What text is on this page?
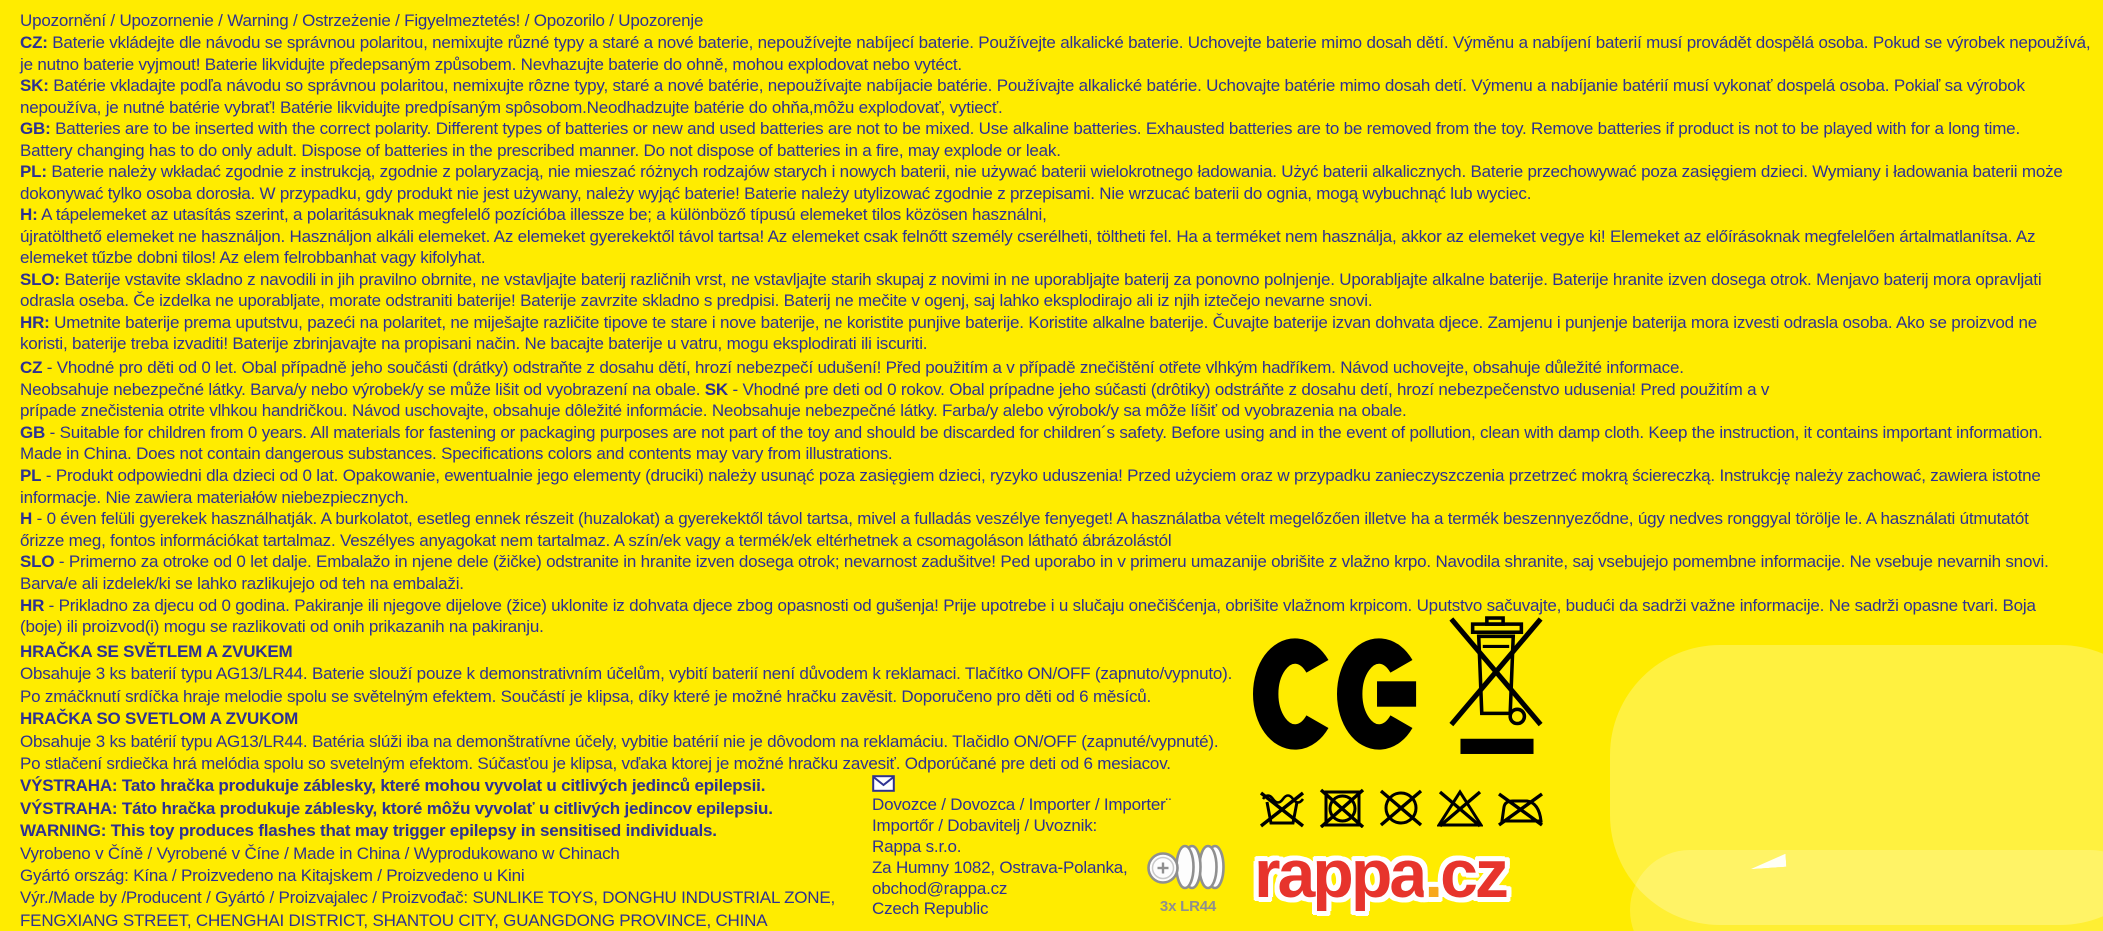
Upozornění / Upozornenie / Warning / Ostrzeżenie / Figyelmeztetés! / Opozorilo / Upozorenje
CZ: Baterie vkládejte dle návodu se správnou polaritou, nemixujte různé typy a staré a nové baterie, nepoužívejte nabíjecí baterie. Používejte alkalické baterie. Uchovejte baterie mimo dosah dětí. Výměnu a nabíjení baterií musí provádět dospělá osoba. Pokud se výrobek nepoužívá,
je nutno baterie vyjmout! Baterie likvidujte předepsaným způsobem. Nevhazujte baterie do ohně, mohou explodovat nebo vytéct.
SK: Batérie vkladajte podľa návodu so správnou polaritou, nemixujte rôzne typy, staré a nové batérie, nepoužívajte nabíjacie batérie. Používajte alkalické batérie. Uchovajte batérie mimo dosah detí. Výmenu a nabíjanie batérií musí vykonať dospelá osoba. Pokiaľ sa výrobok
nepoužíva, je nutné batérie vybrať! Batérie likvidujte predpísaným spôsobom.Neodhadzujte batérie do ohňa,môžu explodovať, vytiecť.
GB: Batteries are to be inserted with the correct polarity. Different types of batteries or new and used batteries are not to be mixed. Use alkaline batteries. Exhausted batteries are to be removed from the toy. Remove batteries if product is not to be played with for a long time.
Battery changing has to do only adult. Dispose of batteries in the prescribed manner. Do not dispose of batteries in a fire, may explode or leak.
PL: Baterie należy wkładać zgodnie z instrukcją, zgodnie z polaryzacją, nie mieszać różnych rodzajów starych i nowych baterii, nie używać baterii wielokrotnego ładowania. Użyć baterii alkalicznych. Baterie przechowywać poza zasięgiem dzieci. Wymiany i ładowania baterii może
dokonywać tylko osoba dorosła. W przypadku, gdy produkt nie jest używany, należy wyjąć baterie! Baterie należy utylizować zgodnie z przepisami. Nie wrzucać baterii do ognia, mogą wybuchnąć lub wyciec.
H: A tápelemeket az utasítás szerint, a polaritásuknak megfelelő pozícióba illessze be; a különböző típusú elemeket tilos közösen használni,
újratölthető elemeket ne használjon. Használjon alkáli elemeket. Az elemeket gyerekektől távol tartsa! Az elemeket csak felnőtt személy cserélheti, töltheti fel. Ha a terméket nem használja, akkor az elemeket vegye ki! Elemeket az előírásoknak megfelelően ártalmatlanítsa. Az
elemeket tűzbe dobni tilos! Az elem felrobbanhat vagy kifolyhat.
SLO: Baterije vstavite skladno z navodili in jih pravilno obrnite, ne vstavljajte baterij različnih vrst, ne vstavljajte starih skupaj z novimi in ne uporabljajte baterij za ponovno polnjenje. Uporabljajte alkalne baterije. Baterije hranite izven dosega otrok. Menjavo baterij mora opravljati
odrasla oseba. Če izdelka ne uporabljate, morate odstraniti baterije! Baterije zavrzite skladno s predpisi. Baterij ne mečite v ogenj, saj lahko eksplodirajo ali iz njih iztečejo nevarne snovi.
HR: Umetnite baterije prema uputstvu, pazeći na polaritet, ne miješajte različite tipove te stare i nove baterije, ne koristite punjive baterije. Koristite alkalne baterije. Čuvajte baterije izvan dohvata djece. Zamjenu i punjenje baterija mora izvesti odrasla osoba. Ako se proizvod ne
koristi, baterije treba izvaditi! Baterije zbrinjavajte na propisani način. Ne bacajte baterije u vatru, mogu eksplodirati ili iscuriti.
CZ - Vhodné pro děti od 0 let. Obal případně jeho součásti (drátky) odstraňte z dosahu dětí, hrozí nebezpečí udušení! Před použitím a v případě znečištění otřete vlhkým hadříkem. Návod uchovejte, obsahuje důležité informace.
Neobsahuje nebezpečné látky. Barva/y nebo výrobek/y se může lišit od vyobrazení na obale. SK - Vhodné pre deti od 0 rokov. Obal prípadne jeho súčasti (drôtiky) odstráňte z dosahu detí, hrozí nebezpečenstvo udusenia! Pred použitím a v
prípade znečistenia otrite vlhkou handričkou. Návod uschovajte, obsahuje dôležité informácie. Neobsahuje nebezpečné látky. Farba/y alebo výrobok/y sa môže líšiť od vyobrazenia na obale.
GB - Suitable for children from 0 years. All materials for fastening or packaging purposes are not part of the toy and should be discarded for children´s safety. Before using and in the event of pollution, clean with damp cloth. Keep the instruction, it contains important information.
Made in China. Does not contain dangerous substances. Specifications colors and contents may vary from illustrations.
PL - Produkt odpowiedni dla dzieci od 0 lat. Opakowanie, ewentualnie jego elementy (druciki) należy usunąć poza zasięgiem dzieci, ryzyko uduszenia! Przed użyciem oraz w przypadku zanieczyszczenia przetrzeć mokrą ściereczką. Instrukcję należy zachować, zawiera istotne
informacje. Nie zawiera materiałów niebezpiecznych.
H - 0 éven felüli gyerekek használhatják. A burkolatot, esetleg ennek részeit (huzalokat) a gyerekektől távol tartsa, mivel a fulladás veszélye fenyeget! A használatba vételt megelőzően illetve ha a termék beszennyeződne, úgy nedves ronggyal törölje le. A használati útmutatót
őrizze meg, fontos információkat tartalmaz. Veszélyes anyagokat nem tartalmaz. A szín/ek vagy a termék/ek eltérhetnek a csomagoláson látható ábrázolástól
SLO - Primerno za otroke od 0 let dalje. Embalažo in njene dele (žičke) odstranite in hranite izven dosega otrok; nevarnost zadušitve! Ped uporabo in v primeru umazanije obrišite z vlažno krpo. Navodila shranite, saj vsebujejo pomembne informacije. Ne vsebuje nevarnih snovi.
Barva/e ali izdelek/ki se lahko razlikujejo od teh na embalaži.
HR - Prikladno za djecu od 0 godina. Pakiranje ili njegove dijelove (žice) uklonite iz dohvata djece zbog opasnosti od gušenja! Prije upotrebe i u slučaju onečišćenja, obrišite vlažnom krpicom. Uputstvo sačuvajte, budući da sadrži važne informacije. Ne sadrži opasne tvari. Boja
(boje) ili proizvod(i) mogu se razlikovati od onih prikazanih na pakiranju.
HRAČKA SE SVĚTLEM A ZVUKEM
Obsahuje 3 ks baterií typu AG13/LR44. Baterie slouží pouze k demonstrativním účelům, vybití baterií není důvodem k reklamaci. Tlačítko ON/OFF (zapnuto/vypnuto).
Po zmáčknutí srdíčka hraje melodie spolu se světelným efektem. Součástí je klipsa, díky které je možné hračku zavěsit. Doporučeno pro děti od 6 měsíců.
HRAČKA SO SVETLOM A ZVUKOM
Obsahuje 3 ks batérií typu AG13/LR44. Batéria slúži iba na demonštratívne účely, vybitie batérií nie je dôvodom na reklamáciu. Tlačidlo ON/OFF (zapnuté/vypnuté).
Po stlačení srdiečka hrá melódia spolu so svetelným efektom. Súčasťou je klipsa, vďaka ktorej je možné hračku zavesiť. Odporúčané pre deti od 6 mesiacov.
VÝSTRAHA: Tato hračka produkuje záblesky, které mohou vyvolat u citlivých jedinců epilepsii.
VÝSTRAHA: Táto hračka produkuje záblesky, ktoré môžu vyvolať u citlivých jedincov epilepsiu.
WARNING: This toy produces flashes that may trigger epilepsy in sensitised individuals.
Vyrobeno v Číně / Vyrobené v Číne / Made in China / Wyprodukowano w Chinach
Gyártó ország: Kína / Proizvedeno na Kitajskem / Proizvedeno u Kini
Výr./Made by /Producent / Gyártó / Proizvajalec / Proizvođač: SUNLIKE TOYS, DONGHU INDUSTRIAL ZONE,
FENGXIANG STREET, CHENGHAI DISTRICT, SHANTOU CITY, GUANGDONG PROVINCE, CHINA
Dovozce / Dovozca / Importer / Importer¨
Importőr / Dobavitelj / Uvoznik:
Rappa s.r.o.
Za Humny 1082, Ostrava-Polanka,
obchod@rappa.cz
Czech Republic	3x LR44 rappa.cz
